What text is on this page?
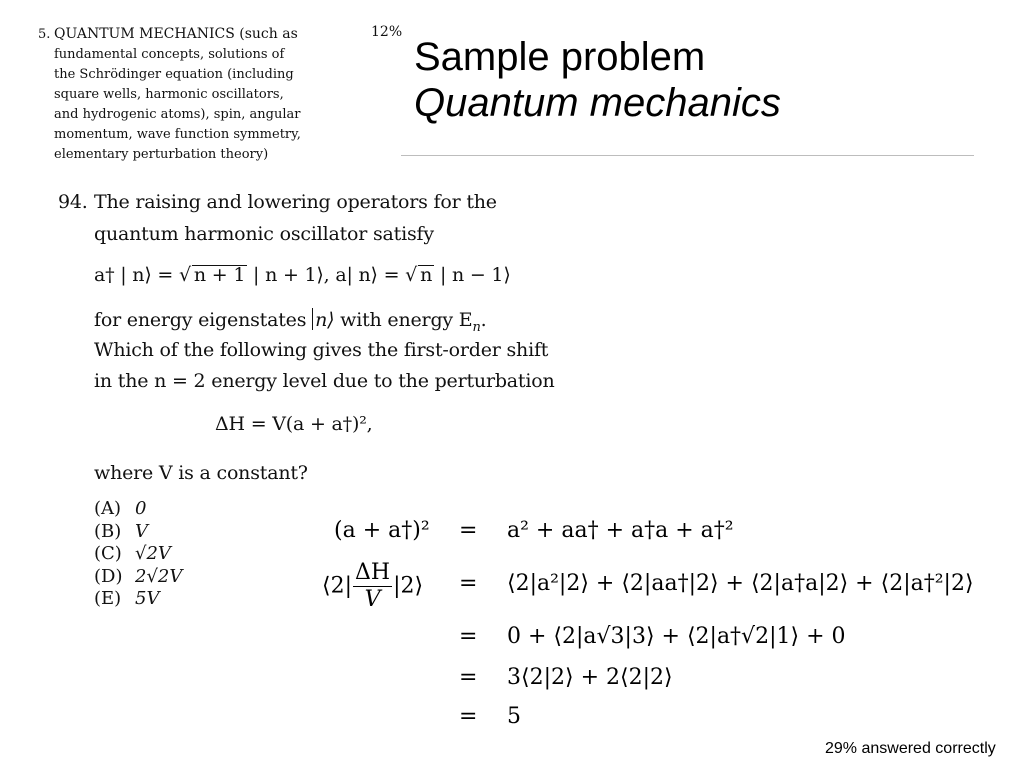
5. QUANTUM MECHANICS (such as
fundamental concepts, solutions of
the Schrödinger equation (including
square wells, harmonic oscillators,
and hydrogenic atoms), spin, angular
momentum, wave function symmetry,
elementary perturbation theory)
12%
Sample problem
Quantum mechanics
94. The raising and lowering operators for the
quantum harmonic oscillator satisfy
a† | n⟩ = √ n + 1 | n + 1⟩, a| n⟩ = √ n | n − 1⟩
for energy eigenstates n⟩ with energy $E_n$.
Which of the following gives the first-order shift
in the n = 2 energy level due to the perturbation
ΔH = V(a + a†)²,
where V is a constant?
(A) 0
(B) V
(C) √2V
(D) 2√2V
(E) 5V
(a + a†)² = a² + aa† + a†a + a†²
⟨2| $\frac{\Delta H}{V}$ |2⟩ = ⟨2|a²|2⟩ + ⟨2|aa†|2⟩ + ⟨2|a†a|2⟩ + ⟨2|a†²|2⟩
= 0 + ⟨2|a√3|3⟩ + ⟨2|a†√2|1⟩ + 0
= 3⟨2|2⟩ + 2⟨2|2⟩
= 5
29% answered correctly
